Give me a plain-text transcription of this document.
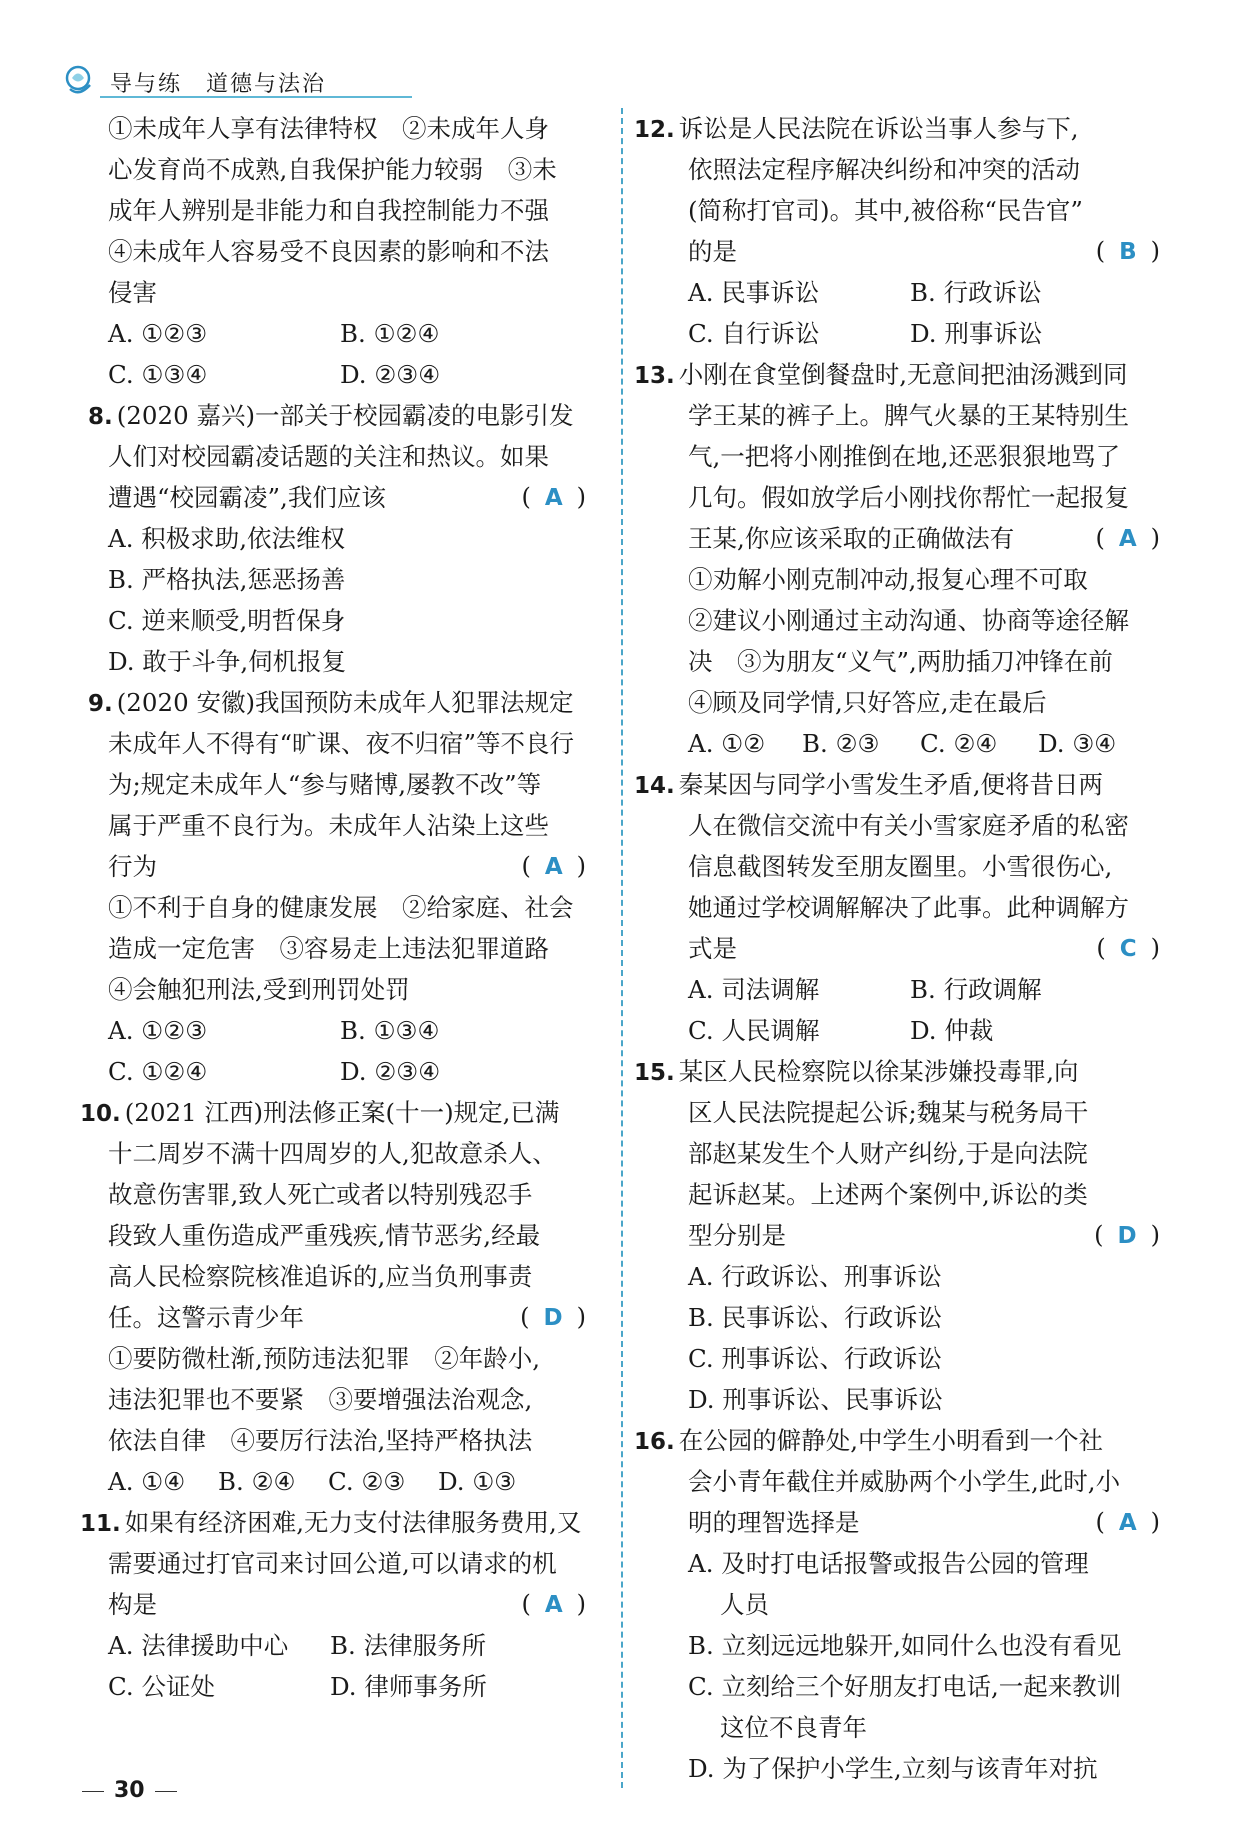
导与练 道德与法治
①未成年人享有法律特权　②未成年人身
心发育尚不成熟,自我保护能力较弱　③未
成年人辨别是非能力和自我控制能力不强
④未成年人容易受不良因素的影响和不法
侵害
A. ①②③	B. ①②④
C. ①③④	D. ②③④
8. (2020 嘉兴)一部关于校园霸凌的电影引发
人们对校园霸凌话题的关注和热议。如果
遭遇“校园霸凌”,我们应该	( A )
A. 积极求助,依法维权
B. 严格执法,惩恶扬善
C. 逆来顺受,明哲保身
D. 敢于斗争,伺机报复
9. (2020 安徽)我国预防未成年人犯罪法规定
未成年人不得有“旷课、夜不归宿”等不良行
为;规定未成年人“参与赌博,屡教不改”等
属于严重不良行为。未成年人沾染上这些
行为	( A )
①不利于自身的健康发展　②给家庭、社会
造成一定危害　③容易走上违法犯罪道路
④会触犯刑法,受到刑罚处罚
A. ①②③	B. ①③④
C. ①②④	D. ②③④
10. (2021 江西)刑法修正案(十一)规定,已满
十二周岁不满十四周岁的人,犯故意杀人、
故意伤害罪,致人死亡或者以特别残忍手
段致人重伤造成严重残疾,情节恶劣,经最
高人民检察院核准追诉的,应当负刑事责
任。这警示青少年	( D )
①要防微杜渐,预防违法犯罪　②年龄小,
违法犯罪也不要紧　③要增强法治观念,
依法自律　④要厉行法治,坚持严格执法
A. ①④ B. ②④ C. ②③ D. ①③
11. 如果有经济困难,无力支付法律服务费用,又
需要通过打官司来讨回公道,可以请求的机
构是	( A )
A. 法律援助中心 B. 法律服务所
C. 公证处	D. 律师事务所
12. 诉讼是人民法院在诉讼当事人参与下,
依照法定程序解决纠纷和冲突的活动
(简称打官司)。其中,被俗称“民告官”
的是	( B )
A. 民事诉讼	B. 行政诉讼
C. 自行诉讼	D. 刑事诉讼
13. 小刚在食堂倒餐盘时,无意间把油汤溅到同
学王某的裤子上。脾气火暴的王某特别生
气,一把将小刚推倒在地,还恶狠狠地骂了
几句。假如放学后小刚找你帮忙一起报复
王某,你应该采取的正确做法有	( A )
①劝解小刚克制冲动,报复心理不可取
②建议小刚通过主动沟通、协商等途径解
决　③为朋友“义气”,两肋插刀冲锋在前
④顾及同学情,只好答应,走在最后
A. ①② B. ②③ C. ②④ D. ③④
14. 秦某因与同学小雪发生矛盾,便将昔日两
人在微信交流中有关小雪家庭矛盾的私密
信息截图转发至朋友圈里。小雪很伤心,
她通过学校调解解决了此事。此种调解方
式是	( C )
A. 司法调解	B. 行政调解
C. 人民调解	D. 仲裁
15. 某区人民检察院以徐某涉嫌投毒罪,向
区人民法院提起公诉;魏某与税务局干
部赵某发生个人财产纠纷,于是向法院
起诉赵某。上述两个案例中,诉讼的类
型分别是	( D )
A. 行政诉讼、刑事诉讼
B. 民事诉讼、行政诉讼
C. 刑事诉讼、行政诉讼
D. 刑事诉讼、民事诉讼
16. 在公园的僻静处,中学生小明看到一个社
会小青年截住并威胁两个小学生,此时,小
明的理智选择是	( A )
A. 及时打电话报警或报告公园的管理
人员
B. 立刻远远地躲开,如同什么也没有看见
C. 立刻给三个好朋友打电话,一起来教训
这位不良青年
D. 为了保护小学生,立刻与该青年对抗
30
